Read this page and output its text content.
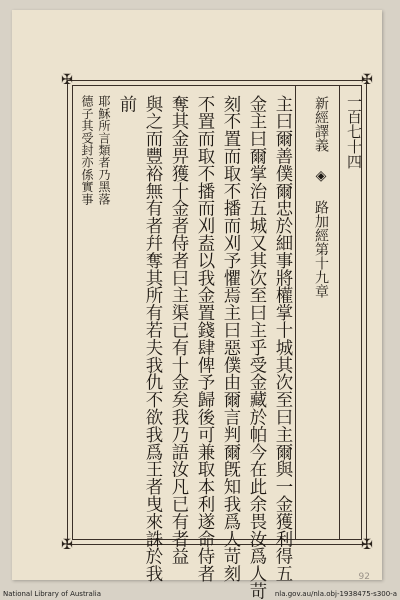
✠	✠
✠	✠
一百七十四
新經譯義 ◈ 路加經第十九章
主曰爾善僕爾忠於細事將權掌十城其次至曰主爾與一金獲利得五
金主曰爾掌治五城又其次至曰主乎受金藏於帕今在此余畏汝爲人苛
刻不置而取不播而刈予懼焉主曰惡僕由爾言判爾旣知我爲人苛刻
不置而取不播而刈盍以我金置錢肆俾予歸後可兼取本利遂命侍者
奪其金畀獲十金者侍者曰主渠已有十金矣我乃語汝凡已有者益
與之而豐裕無有者幷奪其所有若夫我仇不欲我爲王者曳來誅於我
前
耶穌所言類者乃黑落
德子其受封亦係實事
92
National Library of Australia	nla.gov.au/nla.obj-1938475-s300-a
